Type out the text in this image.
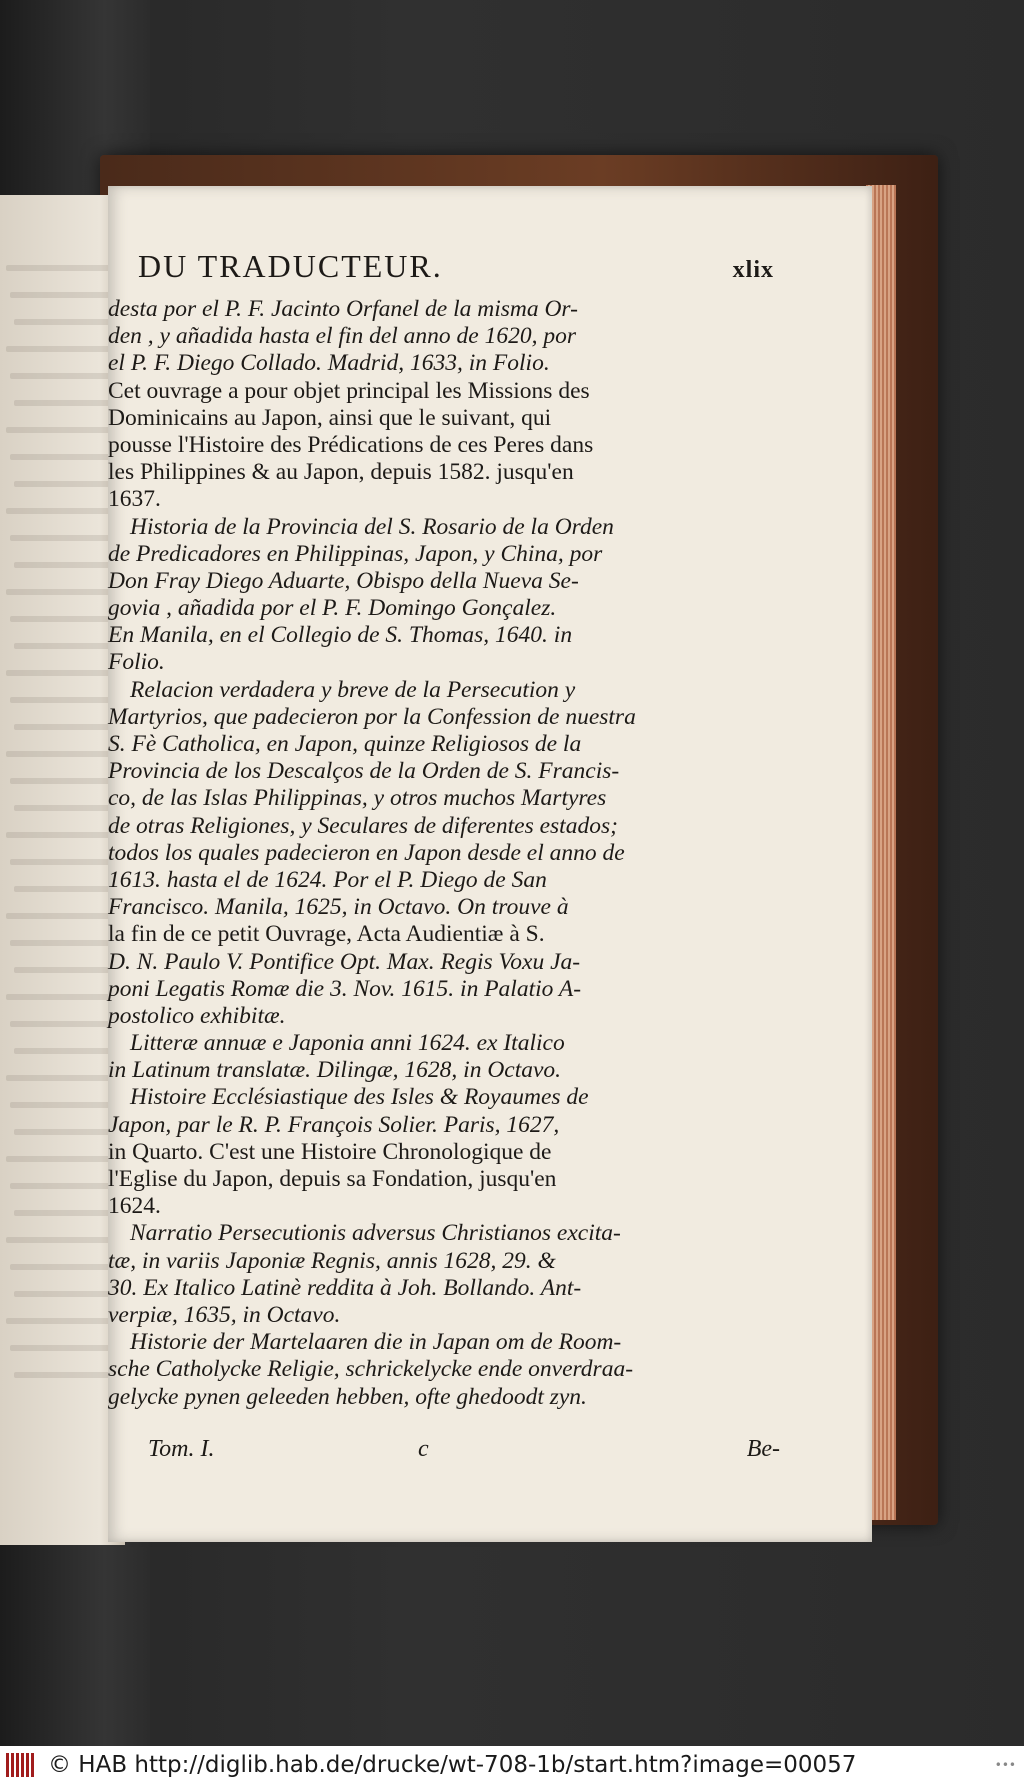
DU TRADUCTEUR.	xlix
desta por el P. F. Jacinto Orfanel de la mismа Or-
den , y añadida hasta el fin del anno de 1620, por
el P. F. Diego Collado. Madrid, 1633, in Folio.
Cet ouvrage a pour objet principal les Missions des
Dominicains au Japon, ainsi que le suivant, qui
pousse l'Histoire des Prédications de ces Peres dans
les Philippines & au Japon, depuis 1582. jusqu'en
1637.
Historia de la Provincia del S. Rosario de la Orden
de Predicadores en Philippinas, Japon, y China, por
Don Fray Diego Aduarte, Obispo della Nueva Se-
govia , añadida por el P. F. Domingo Gonçalez.
En Manila, en el Collegio de S. Thomas, 1640. in
Folio.
Relacion verdadera y breve de la Persecution y
Martyrios, que padecieron por la Confession de nuestra
S. Fè Catholica, en Japon, quinze Religiosos de la
Provincia de los Descalços de la Orden de S. Francis-
co, de las Islas Philippinas, y otros muchos Martyres
de otras Religiones, y Seculares de diferentes estados;
todos los quales padecieron en Japon desde el anno de
1613. hasta el de 1624. Por el P. Diego de San
Francisco. Manila, 1625, in Octavo. On trouve à
la fin de ce petit Ouvrage, Acta Audientiæ à S.
D. N. Paulo V. Pontifice Opt. Max. Regis Voxu Ja-
poni Legatis Romæ die 3. Nov. 1615. in Palatio A-
postolico exhibitæ.
Litteræ annuæ e Japonia anni 1624. ex Italico
in Latinum translatæ. Dilingæ, 1628, in Octavo.
Histoire Ecclésiastique des Isles & Royaumes de
Japon, par le R. P. François Solier. Paris, 1627,
in Quarto. C'est une Histoire Chronologique de
l'Eglise du Japon, depuis sa Fondation, jusqu'en
1624.
Narratio Persecutionis adversus Christianos excita-
tæ, in variis Japoniæ Regnis, annis 1628, 29. &
30. Ex Italico Latinè reddita à Joh. Bollando. Ant-
verpiæ, 1635, in Octavo.
Historie der Martelaaren die in Japan om de Room-
sche Catholycke Religie, schrickelycke ende onverdraa-
gelycke pynen geleeden hebben, ofte ghedoodt zyn.
Tom. I.	c	Be-
© HAB http://diglib.hab.de/drucke/wt-708-1b/start.htm?image=00057	•••
